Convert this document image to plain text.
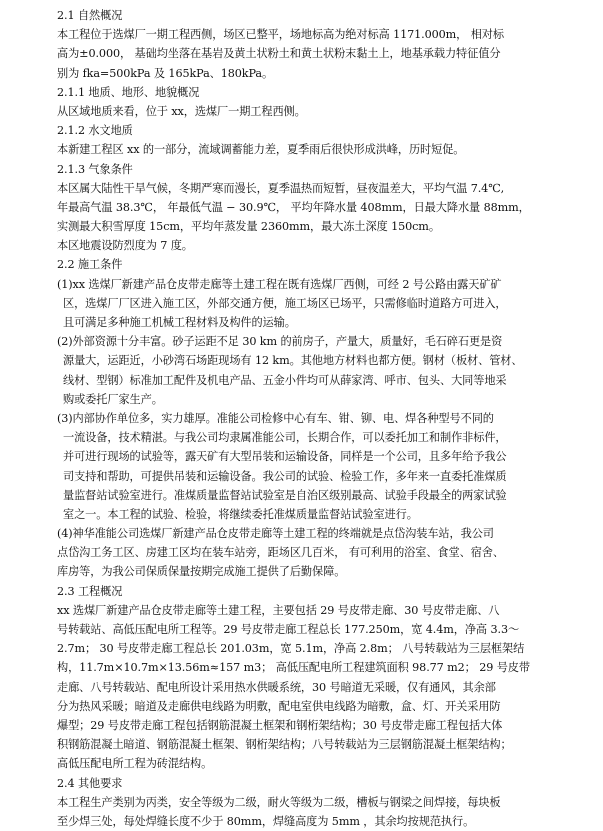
2.1 自然概况
本工程位于选煤厂一期工程西侧，场区已整平，场地标高为绝对标高 1171.000m， 相对标
高为±0.000， 基础均坐落在基岩及黄土状粉土和黄土状粉末黏土上，地基承载力特征值分
别为 fka=500kPa 及 165kPa、180kPa。
2.1.1 地质、地形、地貌概况
从区域地质来看，位于 xx，选煤厂一期工程西侧。
2.1.2 水文地质
本新建工程区 xx 的一部分，流域调蓄能力差，夏季雨后很快形成洪峰，历时短促。
2.1.3 气象条件
本区属大陆性干旱气候，冬期严寒而漫长，夏季温热而短暂，昼夜温差大，平均气温 7.4℃,
年最高气温 38.3℃， 年最低气温 − 30.9℃， 平均年降水量 408mm，日最大降水量 88mm，
实测最大积雪厚度 15cm，平均年蒸发量 2360mm，最大冻土深度 150cm。
本区地震设防烈度为 7 度。
2.2 施工条件
(1)xx 选煤厂新建产品仓皮带走廊等土建工程在既有选煤厂西侧，可经 2 号公路由露天矿矿
区，选煤厂厂区进入施工区，外部交通方便，施工场区已场平，只需修临时道路方可进入，
且可满足多种施工机械工程材料及构件的运输。
(2)外部资源十分丰富。砂子运距不足 30 km 的前房子，产量大，质量好，毛石碎石更是资
源量大，运距近，小砂湾石场距现场有 12 km。其他地方材料也都方便。钢材（板材、管材、
线材、型钢）标准加工配件及机电产品、五金小件均可从薛家湾、呼市、包头、大同等地采
购或委托厂家生产。
(3)内部协作单位多，实力雄厚。准能公司检修中心有车、钳、铆、电、焊各种型号不同的
一流设备，技术精湛。与我公司均隶属准能公司，长期合作，可以委托加工和制作非标件，
并可进行现场的试验等，露天矿有大型吊装和运输设备，同样是一个公司，且多年给予我公
司支持和帮助，可提供吊装和运输设备。我公司的试验、检验工作，多年来一直委托准煤质
量监督站试验室进行。准煤质量监督站试验室是自治区级别最高、试验手段最全的两家试验
室之一。本工程的试验、检验，将继续委托准煤质量监督站试验室进行。
(4)神华准能公司选煤厂新建产品仓皮带走廊等土建工程的终端就是点岱沟装车站，我公司
点岱沟工务工区、房建工区均在装车站旁，距场区几百米， 有可利用的浴室、食堂、宿舍、
库房等，为我公司保质保量按期完成施工提供了后勤保障。
2.3 工程概况
xx 选煤厂新建产品仓皮带走廊等土建工程，主要包括 29 号皮带走廊、30 号皮带走廊、八
号转载站、高低压配电所工程等。29 号皮带走廊工程总长 177.250m，宽 4.4m，净高 3.3～
2.7m； 30 号皮带走廊工程总长 201.03m，宽 5.1m，净高 2.8m； 八号转载站为三层框架结
构，11.7m×10.7m×13.56m≈157 m3； 高低压配电所工程建筑面积 98.77 m2； 29 号皮带
走廊、八号转载站、配电所设计采用热水供暖系统，30 号暗道无采暖，仅有通风，其余部
分为热风采暖；暗道及走廊供电线路为明敷，配电室供电线路为暗敷，盒、灯、开关采用防
爆型；29 号皮带走廊工程包括钢筋混凝土框架和钢桁架结构；30 号皮带走廊工程包括大体
积钢筋混凝土暗道、钢筋混凝土框架、钢桁架结构；八号转载站为三层钢筋混凝土框架结构；
高低压配电所工程为砖混结构。
2.4 其他要求
本工程生产类别为丙类，安全等级为二级，耐火等级为二级，槽板与钢梁之间焊接，每块板
至少焊三处，每处焊缝长度不少于 80mm，焊缝高度为 5mm ，其余均按规范执行。
